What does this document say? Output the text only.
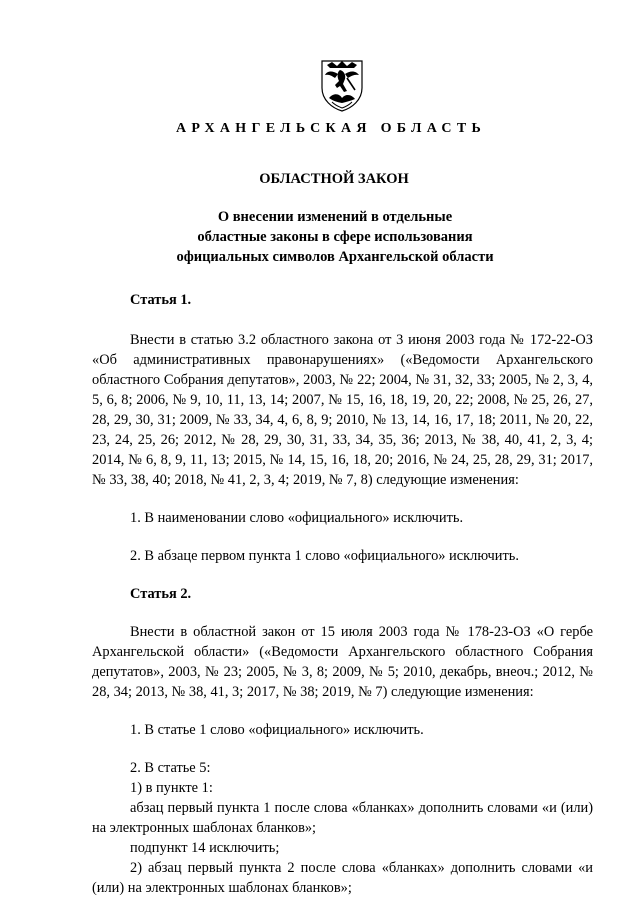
АРХАНГЕЛЬСКАЯ ОБЛАСТЬ
ОБЛАСТНОЙ ЗАКОН
О внесении изменений в отдельные
областные законы в сфере использования
официальных символов Архангельской области

Статья 1.

Внести в статью 3.2 областного закона от 3 июня 2003 года № 172-22-ОЗ «Об административных правонарушениях» («Ведомости Архангельского областного Собрания депутатов», 2003, № 22; 2004, № 31, 32, 33; 2005, № 2, 3, 4, 5, 6, 8; 2006, № 9, 10, 11, 13, 14; 2007, № 15, 16, 18, 19, 20, 22; 2008, № 25, 26, 27, 28, 29, 30, 31; 2009, № 33, 34, 4, 6, 8, 9; 2010, № 13, 14, 16, 17, 18; 2011, № 20, 22, 23, 24, 25, 26; 2012, № 28, 29, 30, 31, 33, 34, 35, 36; 2013, № 38, 40, 41, 2, 3, 4; 2014, № 6, 8, 9, 11, 13; 2015, № 14, 15, 16, 18, 20; 2016, № 24, 25, 28, 29, 31; 2017, № 33, 38, 40; 2018, № 41, 2, 3, 4; 2019, № 7, 8) следующие изменения:

1. В наименовании слово «официального» исключить.

2. В абзаце первом пункта 1 слово «официального» исключить.

Статья 2.

Внести в областной закон от 15 июля 2003 года № 178-23-ОЗ «О гербе Архангельской области» («Ведомости Архангельского областного Собрания депутатов», 2003, № 23; 2005, № 3, 8; 2009, № 5; 2010, декабрь, внеоч.; 2012, № 28, 34; 2013, № 38, 41, 3; 2017, № 38; 2019, № 7) следующие изменения:

1. В статье 1 слово «официального» исключить.

2. В статье 5:

1) в пункте 1:

абзац первый пункта 1 после слова «бланках» дополнить словами «и (или) на электронных шаблонах бланков»;

подпункт 14 исключить;

2) абзац первый пункта 2 после слова «бланках» дополнить словами «и (или) на электронных шаблонах бланков»;
